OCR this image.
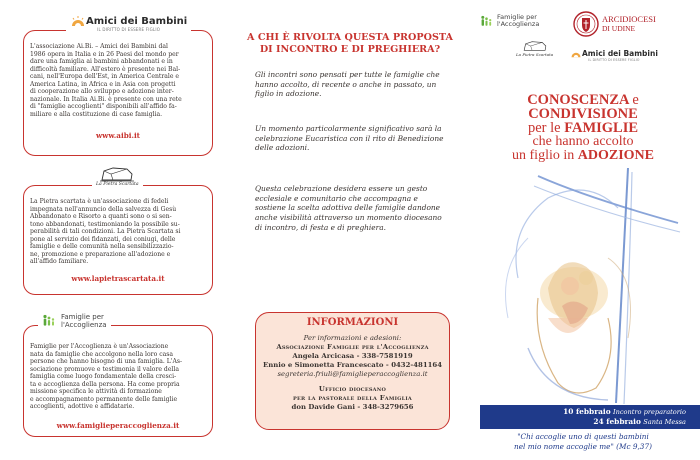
Amici dei Bambini
IL DIRITTO DI ESSERE FIGLIO
L'associazione Ai.Bi. – Amici dei Bambini dal
1986 opera in Italia e in 26 Paesi del mondo per
dare una famiglia ai bambini abbandonati e in
difficoltà familiare. All'estero è presente nei Bal-
cani, nell'Europa dell'Est, in America Centrale e
America Latina, in Africa e in Asia con progetti
di cooperazione allo sviluppo e adozione inter-
nazionale. In Italia Ai.Bi. è presente con una rete
di "famiglie accoglienti" disponibili all'affido fa-
miliare e alla costituzione di case famiglia.
www.aibi.it
La Pietra Scartata
La Pietra scartata è un'associazione di fedeli
impegnata nell'annuncio della salvezza di Gesù
Abbandonato e Risorto a quanti sono o si sen-
tono abbandonati, testimoniando la possibile su-
perabilità di tali condizioni. La Pietra Scartata si
pone al servizio dei fidanzati, dei coniugi, delle
famiglie e delle comunità nella sensibilizzazio-
ne, promozione e preparazione all'adozione e
all'affido familiare.
www.lapietrascartata.it
Famiglie per
l'Accoglienza
Famiglie per l'Accoglienza è un'Associazione
nata da famiglie che accolgono nella loro casa
persone che hanno bisogno di una famiglia. L'As-
sociazione promuove e testimonia il valore della
famiglia come luogo fondamentale della cresci-
ta e accoglienza della persona. Ha come propria
missione specifica le attività di formazione
e accompagnamento permanente delle famiglie
accoglienti, adottive e affidatarie.
www.famiglieperaccoglienza.it
A CHI È RIVOLTA QUESTA PROPOSTA
DI INCONTRO E DI PREGHIERA?
Gli incontri sono pensati per tutte le famiglie che
hanno accolto, di recente o anche in passato, un
figlio in adozione.
Un momento particolarmente significativo sarà la
celebrazione Eucaristica con il rito di Benedizione
delle adozioni.
Questa celebrazione desidera essere un gesto
ecclesiale e comunitario che accompagna e
sostiene la scelta adottiva delle famiglie dandone
anche visibilità attraverso un momento diocesano
di incontro, di festa e di preghiera.
INFORMAZIONI
Per informazioni e adesioni:
Associazione Famiglie per l'Accoglienza
Angela Arcicasa - 338-7581919
Ennio e Simonetta Francescato - 0432-481164
segreteria.friuli@famiglieperaccoglienza.it
Ufficio diocesano
per la pastorale della Famiglia
don Davide Gani - 348-3279656
Famiglie per
l'Accoglienza
ARCIDIOCESI
DI UDINE
La Pietra Scartata	Amici dei Bambini
IL DIRITTO DI ESSERE FIGLIO
CONOSCENZA e
CONDIVISIONE
per le FAMIGLIE
che hanno accolto
un figlio in ADOZIONE
10 febbraio Incontro preparatorio
24 febbraio Santa Messa
"Chi accoglie uno di questi bambini
nel mio nome accoglie me" (Mc 9,37)
